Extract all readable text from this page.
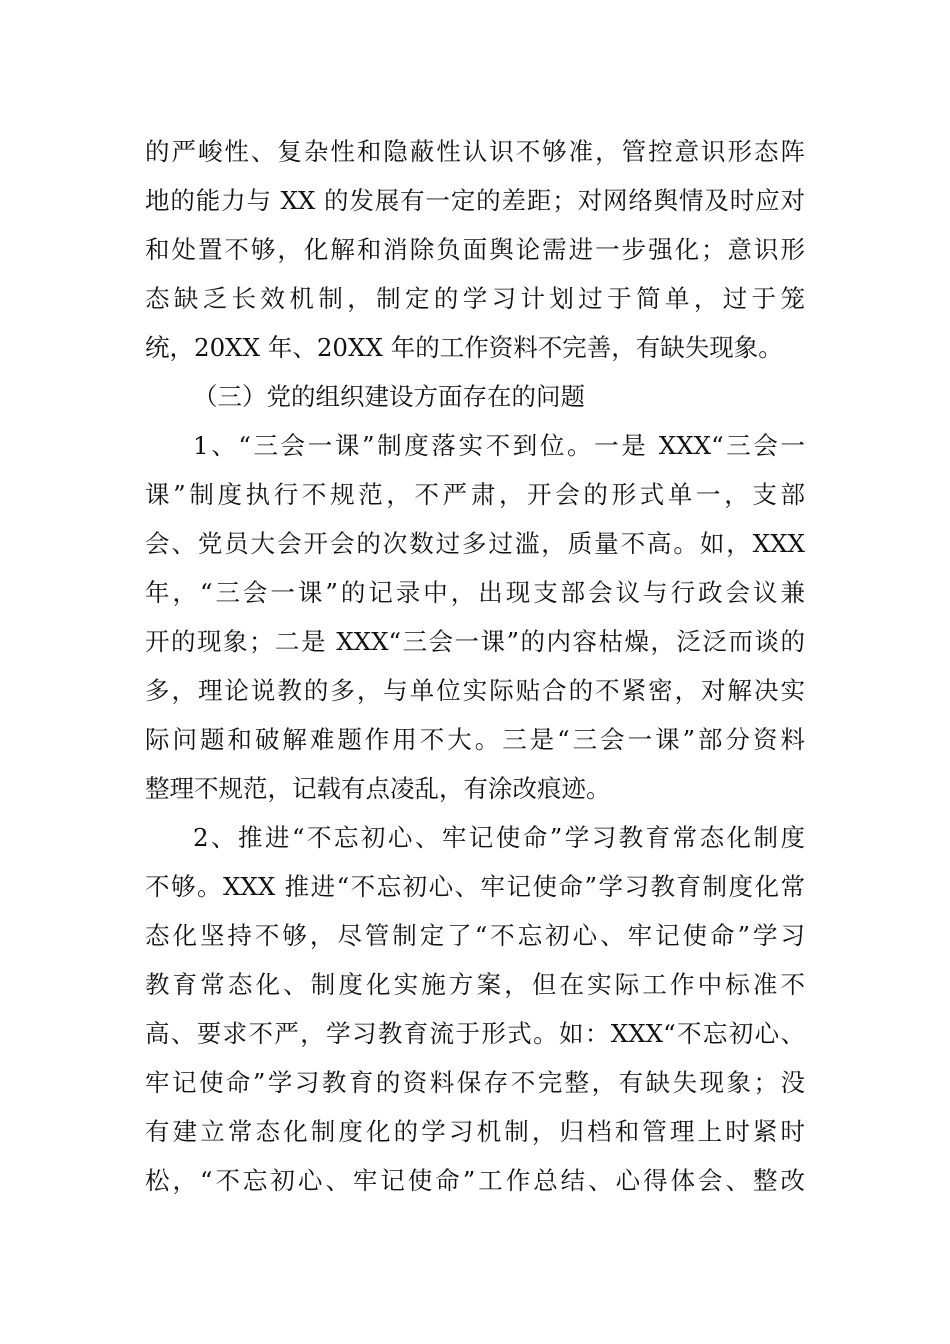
的严峻性、复杂性和隐蔽性认识不够准，管控意识形态阵
地的能力与 XX 的发展有一定的差距；对网络舆情及时应对
和处置不够，化解和消除负面舆论需进一步强化；意识形
态缺乏长效机制，制定的学习计划过于简单，过于笼
统，20XX 年、20XX 年的工作资料不完善，有缺失现象。
（三）党的组织建设方面存在的问题
1、“三会一课”制度落实不到位。一是 XXX“三会一
课”制度执行不规范，不严肃，开会的形式单一，支部
会、党员大会开会的次数过多过滥，质量不高。如，XXX
年，“三会一课”的记录中，出现支部会议与行政会议兼
开的现象；二是 XXX“三会一课”的内容枯燥，泛泛而谈的
多，理论说教的多，与单位实际贴合的不紧密，对解决实
际问题和破解难题作用不大。三是“三会一课”部分资料
整理不规范，记载有点凌乱，有涂改痕迹。
2、推进“不忘初心、牢记使命”学习教育常态化制度
不够。XXX 推进“不忘初心、牢记使命”学习教育制度化常
态化坚持不够，尽管制定了“不忘初心、牢记使命”学习
教育常态化、制度化实施方案，但在实际工作中标准不
高、要求不严，学习教育流于形式。如：XXX“不忘初心、
牢记使命”学习教育的资料保存不完整，有缺失现象；没
有建立常态化制度化的学习机制，归档和管理上时紧时
松，“不忘初心、牢记使命”工作总结、心得体会、整改
